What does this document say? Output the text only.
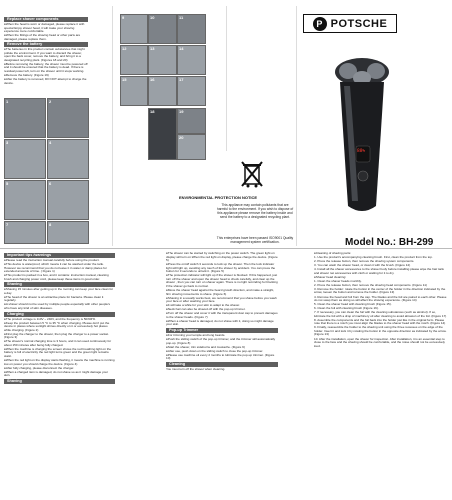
Replace shaver components
●When the head is worn or damaged, please replace it with special Enjoy shaver head, it will make your shaving experience more comfortable.
●When the fittings of the shaving head or other parts are damaged, please replace them.
Remove the battery
●The batteries in this product contain substances that might pollute the environment. If you want to discard the shaver, open the back cover, remove the battery, and bring it to a designated recycling plant. (Figures 18 and 20)
●Before removing the battery, the shaver must be powered off and it should be ensured that the battery is dead. If there is residual power left, turn on the shaver until it stops working.
●Remove the battery. (Figure 19)
●After the battery is removed, DO NOT attempt to charge the device.
1	2
3	4
5	6
7	8
9	10	11
12	13	14
15	16	17
18	19
20
ENVIRONMENTAL PROTECTION NOTICE
This appliance may contain pollutants that are harmful to the environment. If you wish to dispose of this appliance please remove the battery inside and send the battery to a designated recycling plant.
This enterprises have been passed ISO9001 Quality management system certification.
P POTSCHE
88%
Model No.: BH-299
Important tips /warnings
●Please read the instruction manual carefully before using the product.
●This device is waterproof, which means it can be washed under the tank. However we recommend that you do not leave it in water or damp places for extended amounts of time. ( Figure 1)
●This product is packed in a box, and it contains: instruction manual, cleaning brush and charging power cord, please keep these items in good order.
Shaving
●Shaving 15 minutes after getting up in the morning can keep your face clean for a day.
●The head of the shaver is an attractive place for bacteria. Please clean it regularly.
●A shaver should not be used by multiple people especially with other people's who have any kind of skin diseases.
Charging
●The product voltage is 110V ~ 240V, and the frequency is 50/60Hz.
●Keep the product between 5 °C to 35 °C when charging. Please don't put the device in places where sunlight shines directly on it or excessively hot places while charging. (Figure 2)
●First plug the charger to the shaver, then plug the charger to a power socket. (Figure 3)
●The shaver's normal charging time is 3 hours, and it can used continuously for about 150 minutes after being fully charged.
●When the machine is charging the screen shows the red breathing light on the battery is full of electricity the red light turns green and the green light remains static.
●When the red light on the display starts flashing, it means the machine is running low on power you should charge the device. (Figure 4)
●After fully charging, please disconnect the charger.
●When a charged item is damaged, do not shave so as it might damage your skin.
Shaving
●The shaver can be started by switching on the power switch. The green light on display will turn on.When the red light on display, please charge the device. (Figure 5)
●Press the on/off switch 3 seconds to lock up the shaver. Then the lock indicator light will light up, avoiding any touch of the shaver by accident. You can press the button for 3 seconds to unlock it. (Figure 5)
●The protection indicator will light up if the shaver is blocked. If this happened, just turn off the shaver and open the shaver head to check carefully, and clear up the shaver , then you can turn on shaver again. There is no light reminding for blocking if the shaver go back to normal.
●Move the shaver head against the beard growth direction, and make a straight, firm shaving movements to shave. (Figure 6)
●Shaving in a usually works best, we recommend that you shave before you wash your face or after washing your face.
●It will take a while for your skin to adapt to the shaver.
●Neck hair can also be shaved off with the pop-up trimmer.
●Turn off the shaver and cover it with the transparent dust cap to prevent damages to the shaver heads. (Figure 7)
●When a shaver head is damaged, do not shave with it, doing so might damage your skin.
Pop-up Trimmer
●For trimming your temple and long beards.
●Push the sliding switch of the pop-up trimmer, and the trimmer will automatically pop-up. (Figure 8)
●Start the shaver, trim sideburns and mustache. (Figure 9)
●After use, push down on the sliding switch to close the pop-up trimmer.
●Please use machine oil every 2 months to lubricate the pop-up trimmer. (Figure 10)
Cleaning
You must turn off the shaver when cleaning.
●Cleaning of shaving parts:
1. Use the product's accompanying cleaning brush. First, clean the product from the top.
2. Press the release button, then remove the shaving system components.
3. You can wash the shaver head, or clean it with the brush. (Figure 12)
4. Install all the shaver accessories to the shaver body before installing please wipe the hair tank and shaver net accessories with cloth or waiting for it to dry.
●Shaver head cleaning:
1. Clean the shaver heads monthly.
2. Press the release button, then remove the shaving head components. (Figure 11)
3. Remove the holder: rotate the button in the center of the holder in the direction indicated by the arrow, loosen the button and remove the holder. (Figure 13)
4. Remove the head and foil from the cap. The blades and the foil are paired to each other. Please do not swap them as doing so will affect the shaving experience. (Figure 14)
5. Clean the shaver head with cleaning brush (Figure 15).
6. Clean the foil with cleaning brush (Figure 16).
7. If necessary, you can clean the foil with the cleaning substances (such as alcohol). If so, lubricate the foil with a drop of machinery oil after cleaning to avoid abrasion of the foil. (Figure 17)
8. Assemble the components and the foil back into the holder just like in the original form. Please note that there is a notch you must align the blades to the shaver head with the notch. (Figure 14)
9. Finally, reassemble the holder to the shaving unit using the three recesses on the edge of the holder. Insert it and lock it by rotating the button in the opposite direction as indicated by the arrow. (Figure 13)
10. After the installation, open the shaver for inspection. After installation, it is an essential step to close to the face and the shaving should be comfortable, and the noise should not be excessively loud.
